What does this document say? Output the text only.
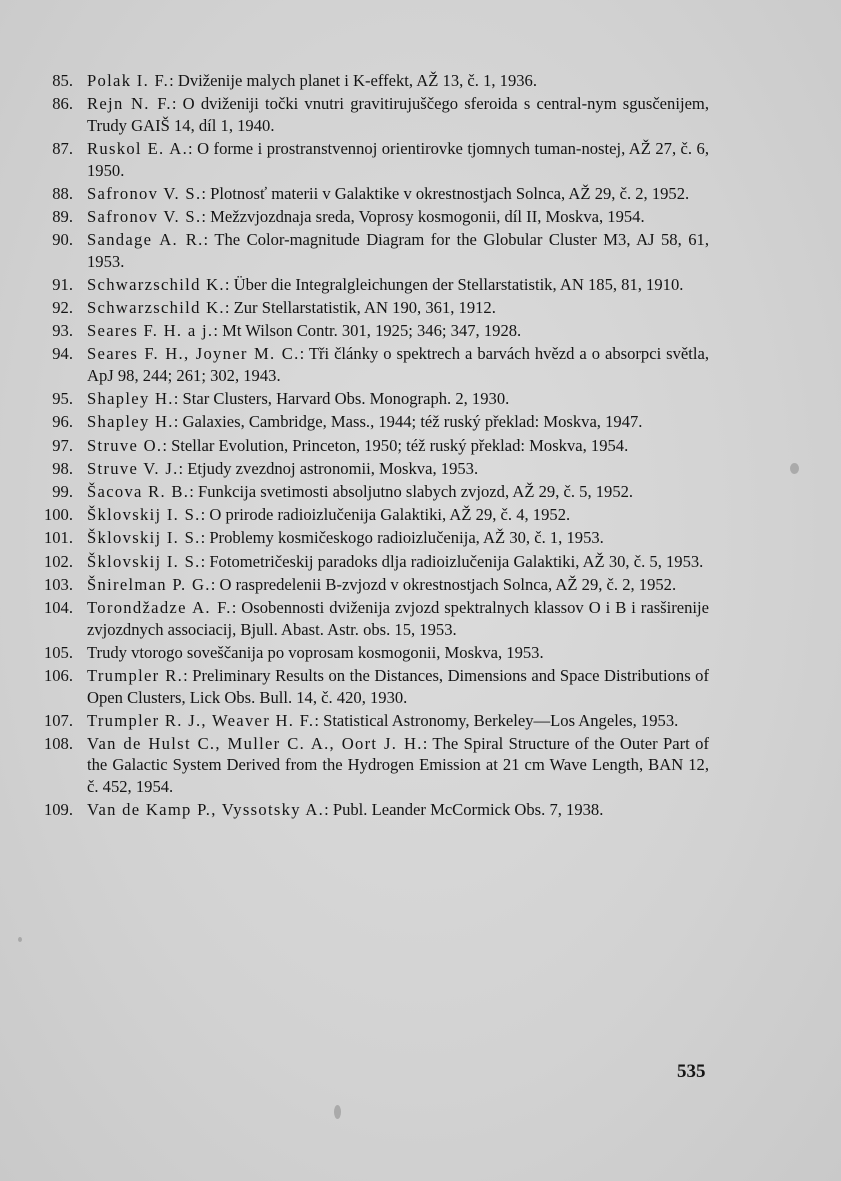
85. Polak I. F.: Dviženije malych planet i K-effekt, AŽ 13, č. 1, 1936.
86. Rejn N. F.: O dviženiji točki vnutri gravitirujuščego sferoida s central-nym sgusčenijem, Trudy GAIŠ 14, díl 1, 1940.
87. Ruskol E. A.: O forme i prostranstvennoj orientirovke tjomnych tuman-nostej, AŽ 27, č. 6, 1950.
88. Safronov V. S.: Plotnosť materii v Galaktike v okrestnostjach Solnca, AŽ 29, č. 2, 1952.
89. Safronov V. S.: Mežzvjozdnaja sreda, Voprosy kosmogonii, díl II, Moskva, 1954.
90. Sandage A. R.: The Color-magnitude Diagram for the Globular Cluster M3, AJ 58, 61, 1953.
91. Schwarzschild K.: Über die Integralgleichungen der Stellarstatistik, AN 185, 81, 1910.
92. Schwarzschild K.: Zur Stellarstatistik, AN 190, 361, 1912.
93. Seares F. H. a j.: Mt Wilson Contr. 301, 1925; 346; 347, 1928.
94. Seares F. H., Joyner M. C.: Tři články o spektrech a barvách hvězd a o absorpci světla, ApJ 98, 244; 261; 302, 1943.
95. Shapley H.: Star Clusters, Harvard Obs. Monograph. 2, 1930.
96. Shapley H.: Galaxies, Cambridge, Mass., 1944; též ruský překlad: Moskva, 1947.
97. Struve O.: Stellar Evolution, Princeton, 1950; též ruský překlad: Moskva, 1954.
98. Struve V. J.: Etjudy zvezdnoj astronomii, Moskva, 1953.
99. Šacova R. B.: Funkcija svetimosti absoljutno slabych zvjozd, AŽ 29, č. 5, 1952.
100. Šklovskij I. S.: O prirode radioizlučenija Galaktiki, AŽ 29, č. 4, 1952.
101. Šklovskij I. S.: Problemy kosmičeskogo radioizlučenija, AŽ 30, č. 1, 1953.
102. Šklovskij I. S.: Fotometričeskij paradoks dlja radioizlučenija Galaktiki, AŽ 30, č. 5, 1953.
103. Šnirelman P. G.: O raspredelenii B-zvjozd v okrestnostjach Solnca, AŽ 29, č. 2, 1952.
104. Torondžadze A. F.: Osobennosti dviženija zvjozd spektralnych klassov O i B i rasširenije zvjozdnych associacij, Bjull. Abast. Astr. obs. 15, 1953.
105. Trudy vtorogo soveščanija po voprosam kosmogonii, Moskva, 1953.
106. Trumpler R.: Preliminary Results on the Distances, Dimensions and Space Distributions of Open Clusters, Lick Obs. Bull. 14, č. 420, 1930.
107. Trumpler R. J., Weaver H. F.: Statistical Astronomy, Berkeley—Los Angeles, 1953.
108. Van de Hulst C., Muller C. A., Oort J. H.: The Spiral Structure of the Outer Part of the Galactic System Derived from the Hydrogen Emission at 21 cm Wave Length, BAN 12, č. 452, 1954.
109. Van de Kamp P., Vyssotsky A.: Publ. Leander McCormick Obs. 7, 1938.
535
